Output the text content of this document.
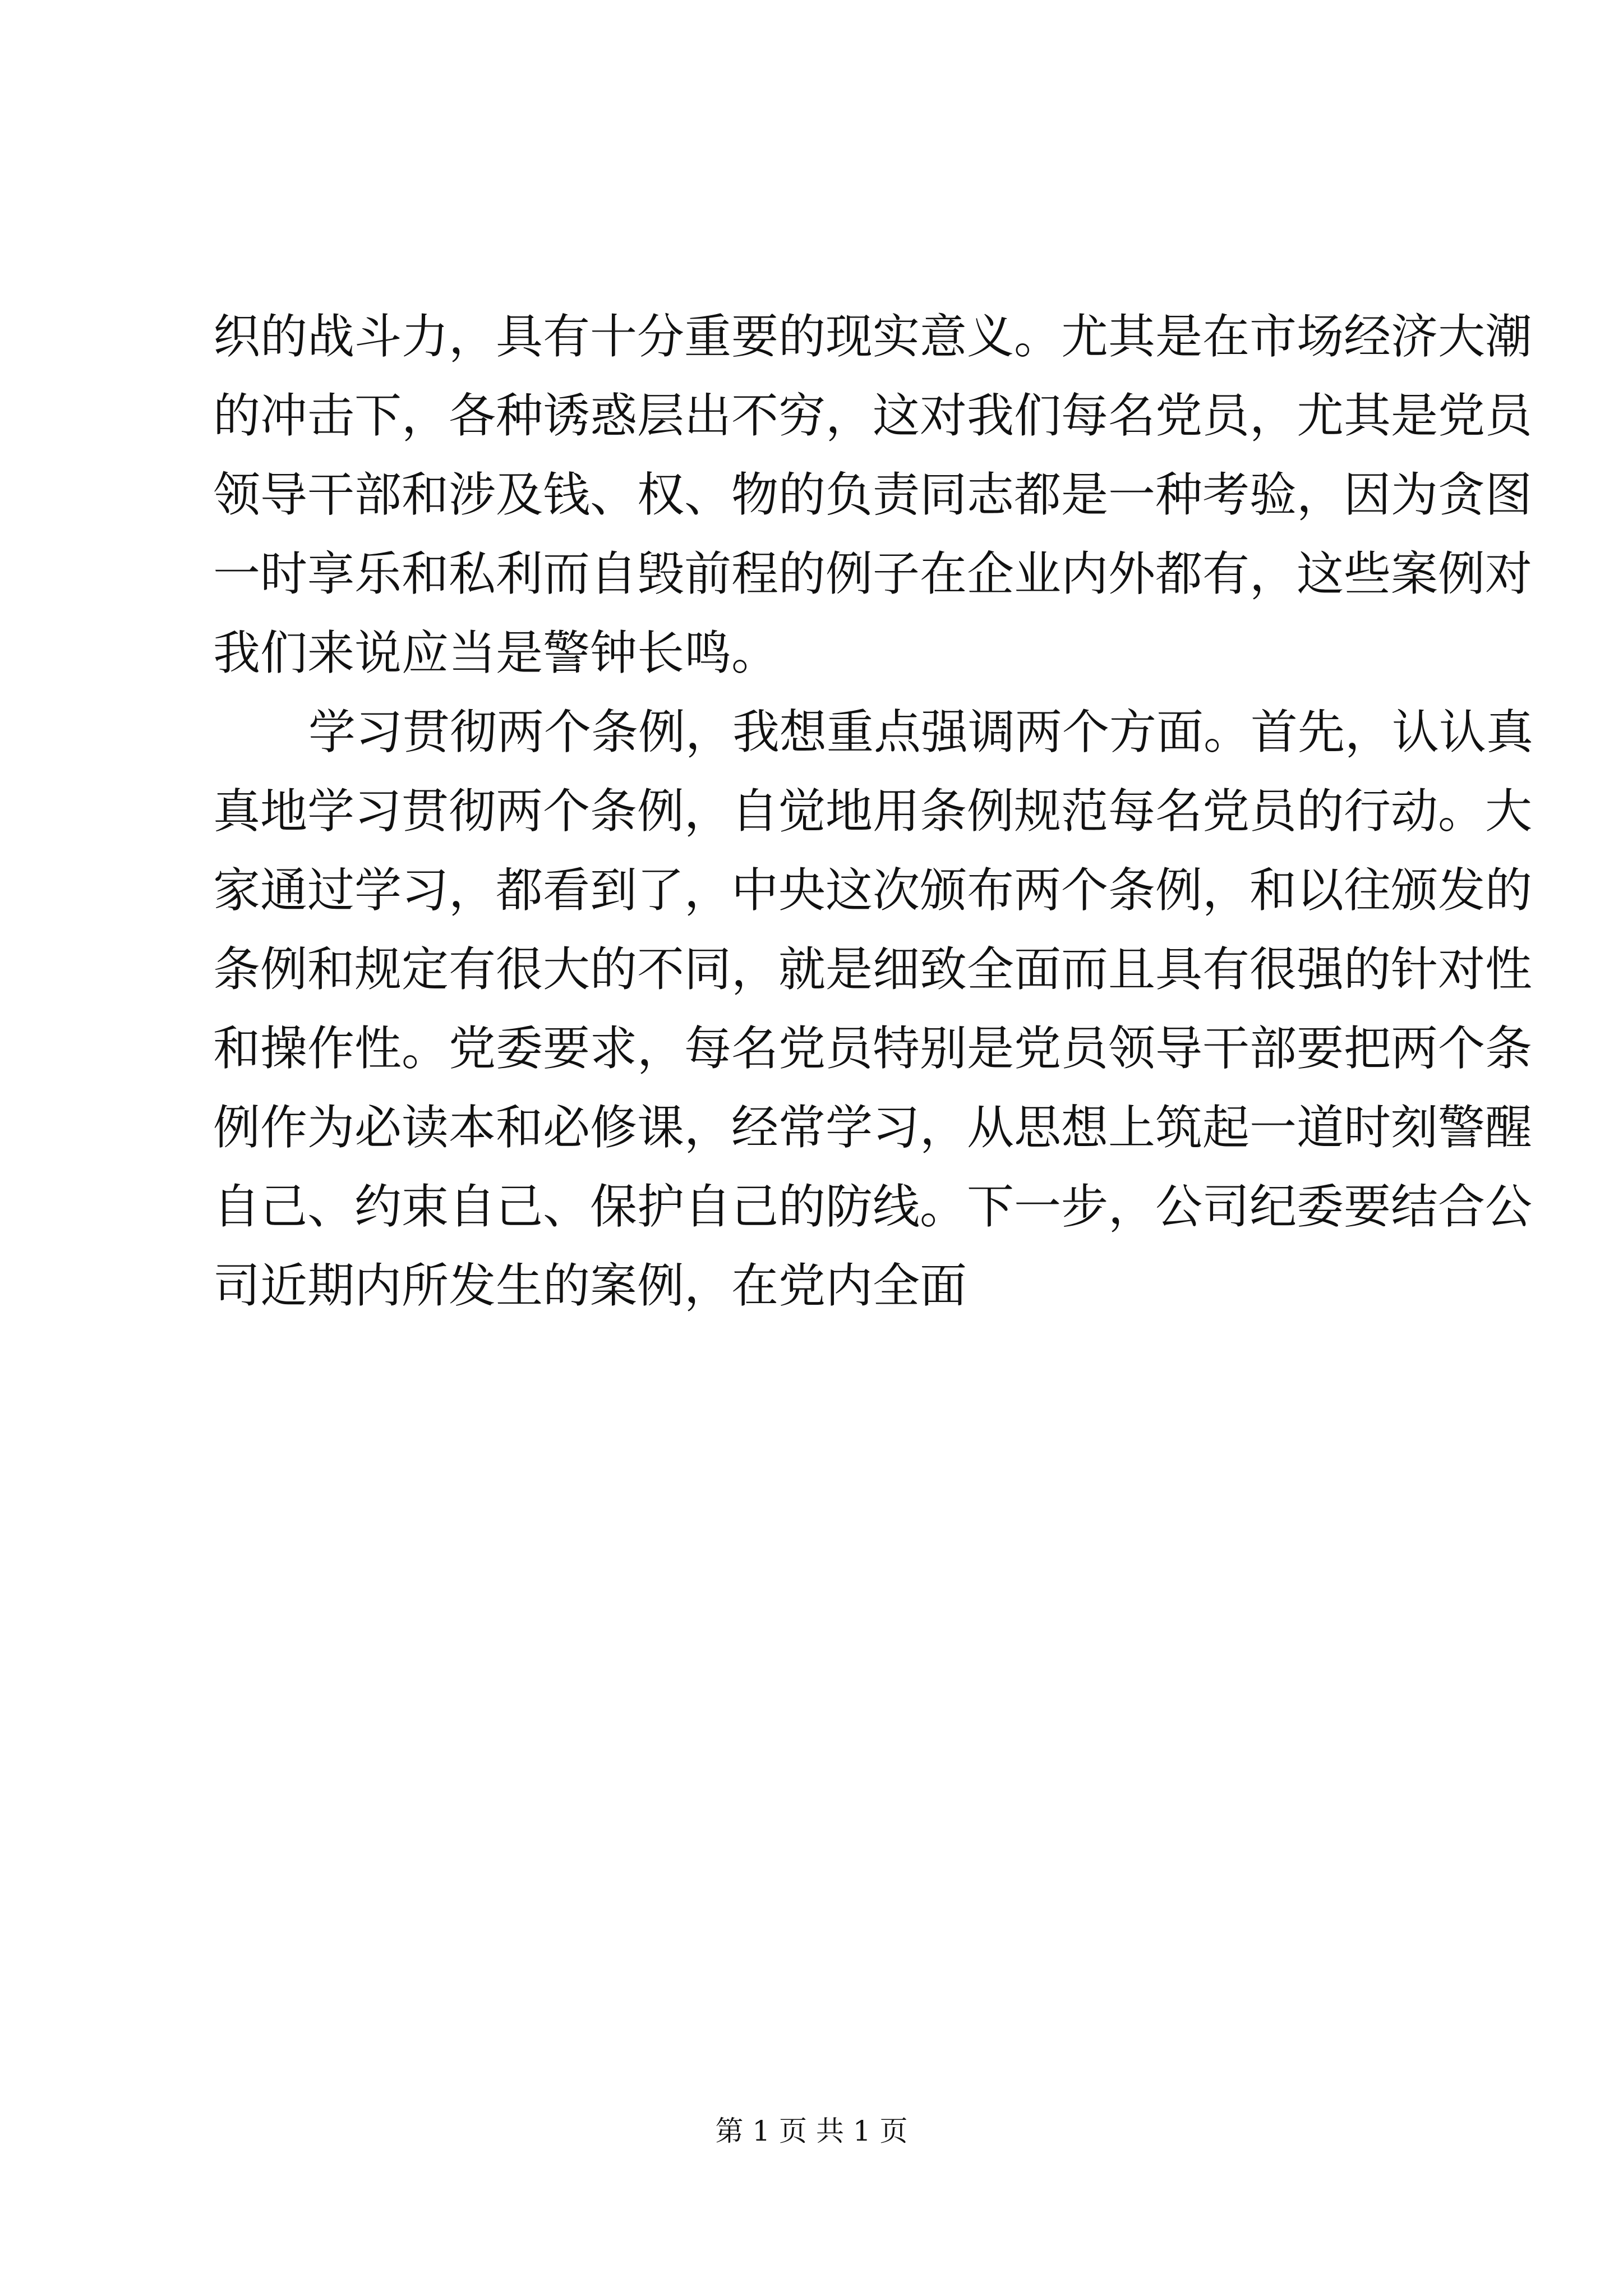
织的战斗力，具有十分重要的现实意义。尤其是在市场经济大潮
的冲击下，各种诱惑层出不穷，这对我们每名党员，尤其是党员
领导干部和涉及钱、权、物的负责同志都是一种考验，因为贪图
一时享乐和私利而自毁前程的例子在企业内外都有，这些案例对
我们来说应当是警钟长鸣。
学习贯彻两个条例，我想重点强调两个方面。首先，认认真
真地学习贯彻两个条例，自觉地用条例规范每名党员的行动。大
家通过学习，都看到了，中央这次颁布两个条例，和以往颁发的
条例和规定有很大的不同，就是细致全面而且具有很强的针对性
和操作性。党委要求，每名党员特别是党员领导干部要把两个条
例作为必读本和必修课，经常学习，从思想上筑起一道时刻警醒
自己、约束自己、保护自己的防线。下一步，公司纪委要结合公
司近期内所发生的案例，在党内全面
第 1 页 共 1 页
